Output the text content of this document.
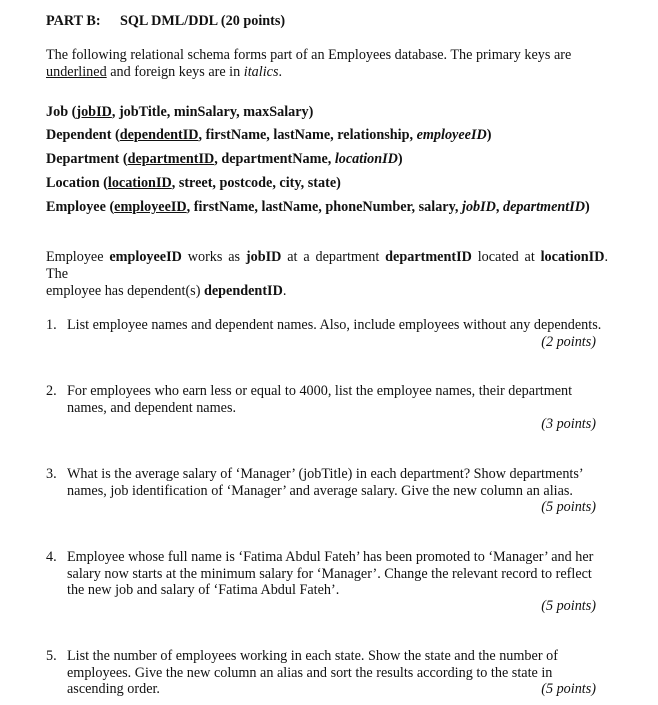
PART B: SQL DML/DDL (20 points)
The following relational schema forms part of an Employees database. The primary keys are
underlined and foreign keys are in italics.
Job (jobID, jobTitle, minSalary, maxSalary)
Dependent (dependentID, firstName, lastName, relationship, employeeID)
Department (departmentID, departmentName, locationID)
Location (locationID, street, postcode, city, state)
Employee (employeeID, firstName, lastName, phoneNumber, salary, jobID, departmentID)
Employee employeeID works as jobID at a department departmentID located at locationID. The
employee has dependent(s) dependentID.
1. List employee names and dependent names. Also, include employees without any dependents.
(2 points)
2. For employees who earn less or equal to 4000, list the employee names, their department
names, and dependent names.
(3 points)
3. What is the average salary of ‘Manager’ (jobTitle) in each department? Show departments’
names, job identification of ‘Manager’ and average salary. Give the new column an alias.
(5 points)
4. Employee whose full name is ‘Fatima Abdul Fateh’ has been promoted to ‘Manager’ and her
salary now starts at the minimum salary for ‘Manager’. Change the relevant record to reflect
the new job and salary of ‘Fatima Abdul Fateh’.
(5 points)
5. List the number of employees working in each state. Show the state and the number of
employees. Give the new column an alias and sort the results according to the state in
ascending order.	(5 points)
